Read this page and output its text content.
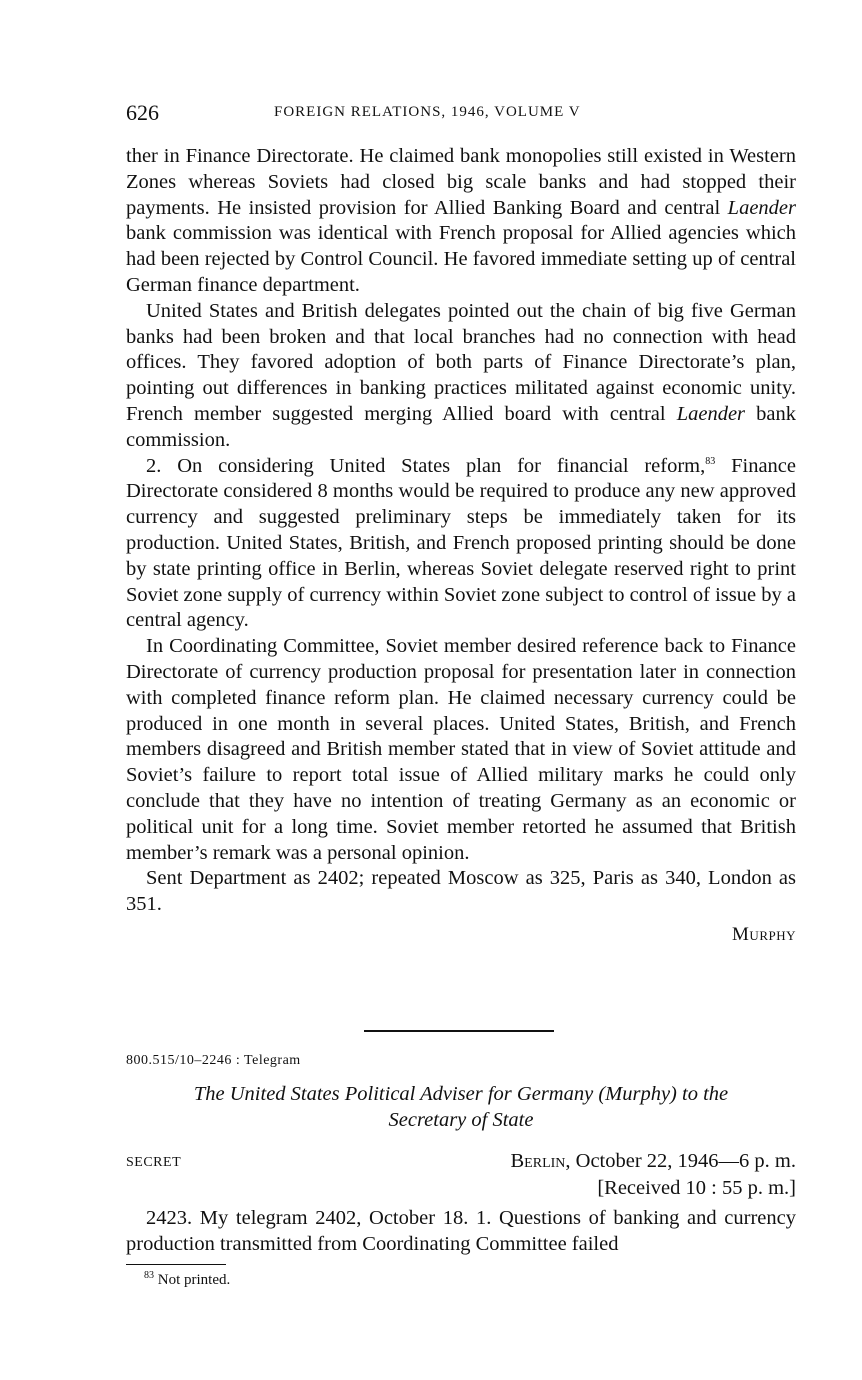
626	FOREIGN RELATIONS, 1946, VOLUME V

ther in Finance Directorate. He claimed bank monopolies still existed in Western Zones whereas Soviets had closed big scale banks and had stopped their payments. He insisted provision for Allied Banking Board and central Laender bank commission was identical with French proposal for Allied agencies which had been rejected by Control Council. He favored immediate setting up of central German finance department.

United States and British delegates pointed out the chain of big five German banks had been broken and that local branches had no connection with head offices. They favored adoption of both parts of Finance Directorate’s plan, pointing out differences in banking practices militated against economic unity. French member suggested merging Allied board with central Laender bank commission.

2. On considering United States plan for financial reform,$^{83}$ Finance Directorate considered 8 months would be required to produce any new approved currency and suggested preliminary steps be immediately taken for its production. United States, British, and French proposed printing should be done by state printing office in Berlin, whereas Soviet delegate reserved right to print Soviet zone supply of currency within Soviet zone subject to control of issue by a central agency.

In Coordinating Committee, Soviet member desired reference back to Finance Directorate of currency production proposal for presentation later in connection with completed finance reform plan. He claimed necessary currency could be produced in one month in several places. United States, British, and French members disagreed and British member stated that in view of Soviet attitude and Soviet’s failure to report total issue of Allied military marks he could only conclude that they have no intention of treating Germany as an economic or political unit for a long time. Soviet member retorted he assumed that British member’s remark was a personal opinion.

Sent Department as 2402; repeated Moscow as 325, Paris as 340, London as 351.

Murphy
800.515/10–2246 : Telegram
The United States Political Adviser for Germany (Murphy) to the
Secretary of State
SECRET	Berlin, October 22, 1946—6 p. m.
[Received 10 : 55 p. m.]
2423. My telegram 2402, October 18. 1. Questions of banking and currency production transmitted from Coordinating Committee failed
$^{83}$ Not printed.
